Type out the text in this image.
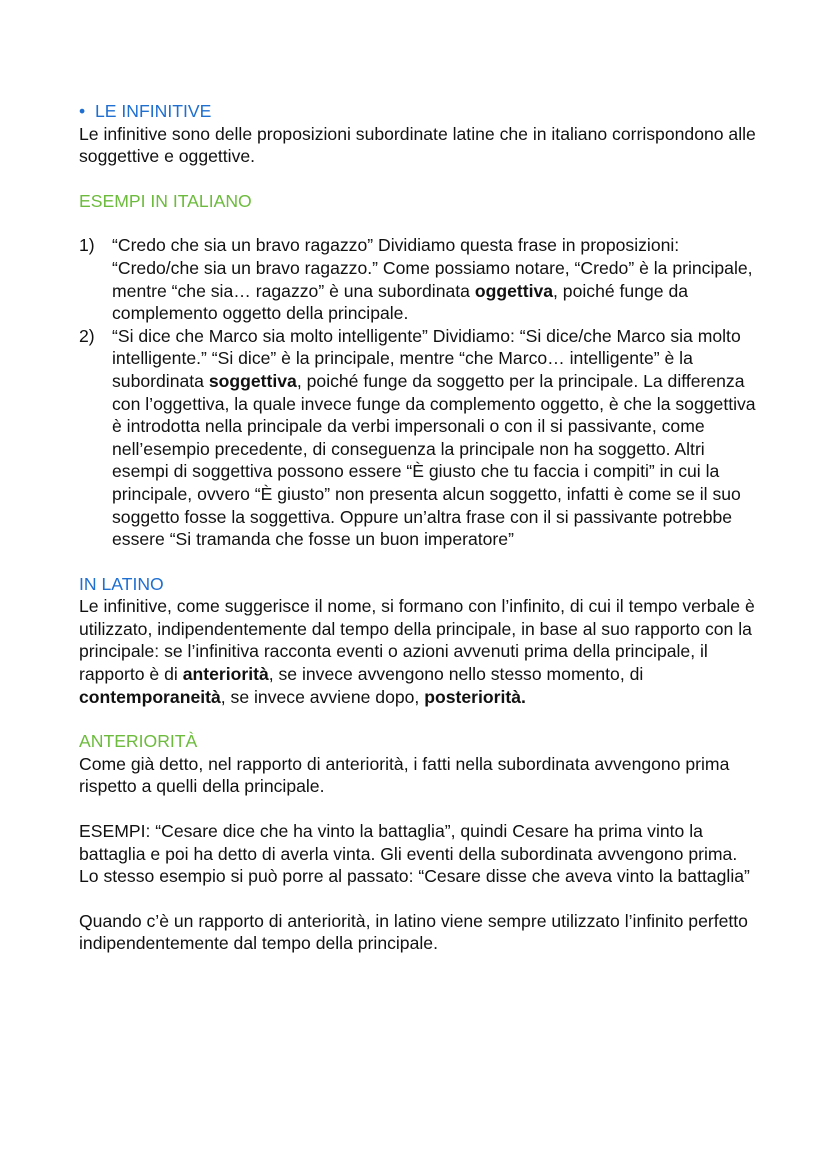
• LE INFINITIVE

Le infinitive sono delle proposizioni subordinate latine che in italiano corrispondono alle soggettive e oggettive.

ESEMPI IN ITALIANO

1) “Credo che sia un bravo ragazzo” Dividiamo questa frase in proposizioni: “Credo/che sia un bravo ragazzo.” Come possiamo notare, “Credo” è la principale, mentre “che sia… ragazzo” è una subordinata oggettiva, poiché funge da complemento oggetto della principale.

2) “Si dice che Marco sia molto intelligente” Dividiamo: “Si dice/che Marco sia molto intelligente.” “Si dice” è la principale, mentre “che Marco… intelligente” è la subordinata soggettiva, poiché funge da soggetto per la principale. La differenza con l’oggettiva, la quale invece funge da complemento oggetto, è che la soggettiva è introdotta nella principale da verbi impersonali o con il si passivante, come nell’esempio precedente, di conseguenza la principale non ha soggetto. Altri esempi di soggettiva possono essere “È giusto che tu faccia i compiti” in cui la principale, ovvero “È giusto” non presenta alcun soggetto, infatti è come se il suo soggetto fosse la soggettiva. Oppure un’altra frase con il si passivante potrebbe essere “Si tramanda che fosse un buon imperatore”

IN LATINO

Le infinitive, come suggerisce il nome, si formano con l’infinito, di cui il tempo verbale è utilizzato, indipendentemente dal tempo della principale, in base al suo rapporto con la principale: se l’infinitiva racconta eventi o azioni avvenuti prima della principale, il rapporto è di anteriorità, se invece avvengono nello stesso momento, di contemporaneità, se invece avviene dopo, posteriorità.

ANTERIORITÀ

Come già detto, nel rapporto di anteriorità, i fatti nella subordinata avvengono prima rispetto a quelli della principale.

ESEMPI: “Cesare dice che ha vinto la battaglia”, quindi Cesare ha prima vinto la battaglia e poi ha detto di averla vinta. Gli eventi della subordinata avvengono prima. Lo stesso esempio si può porre al passato: “Cesare disse che aveva vinto la battaglia”

Quando c’è un rapporto di anteriorità, in latino viene sempre utilizzato l’infinito perfetto indipendentemente dal tempo della principale.
